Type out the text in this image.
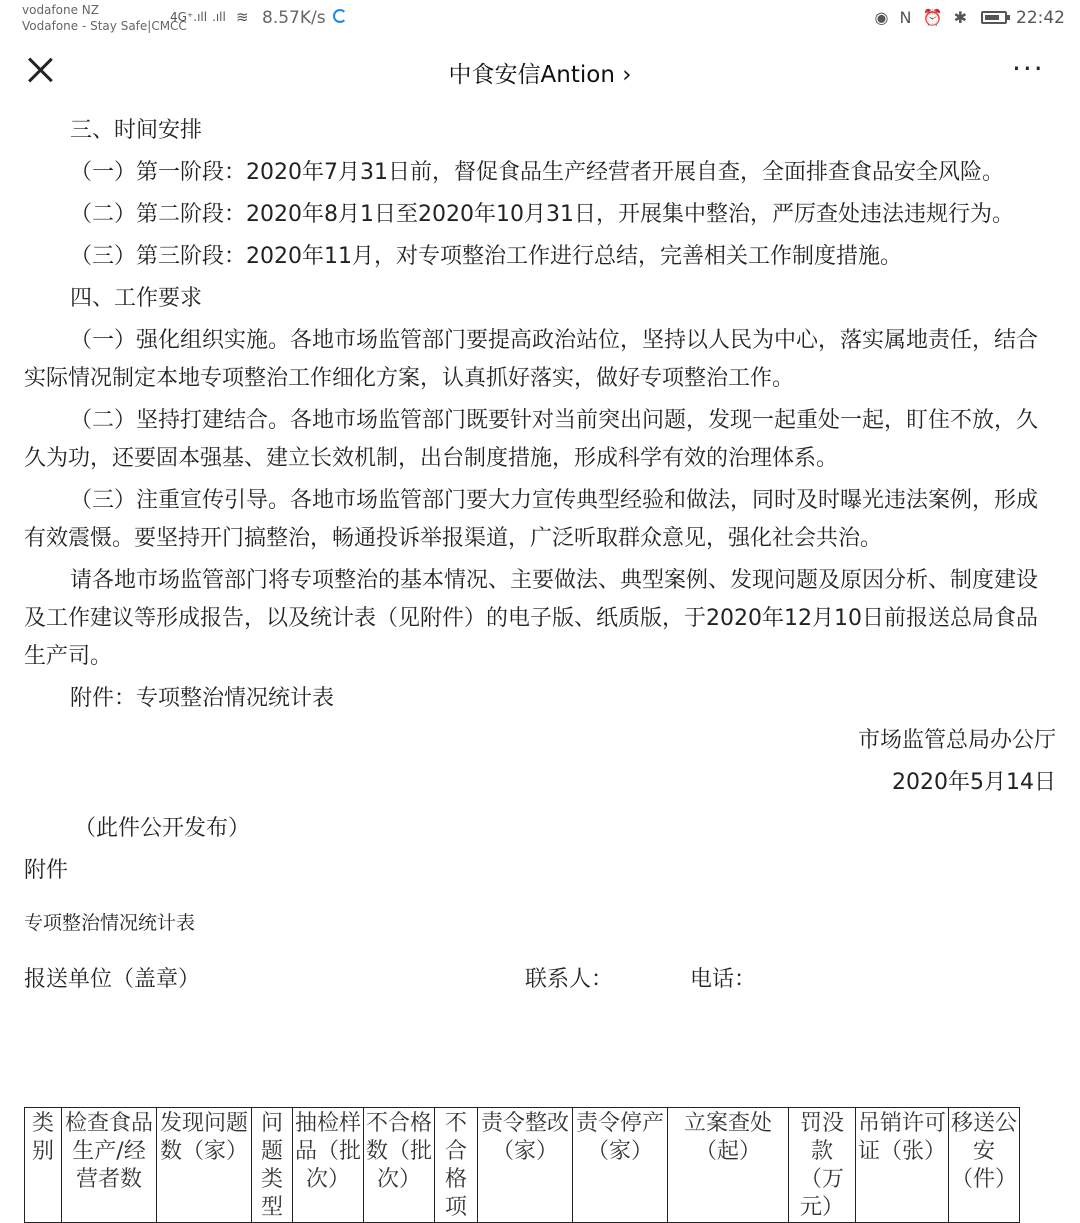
vodafone NZ
Vodafone - Stay Safe|CMCC
4G⁺.ıll .ıll ≋ 8.57K/s	◉ N ⏰ ✱	22:42
中食安信Antion ›	···

三、时间安排

（一）第一阶段：2020年7月31日前，督促食品生产经营者开展自查，全面排查食品安全风险。

（二）第二阶段：2020年8月1日至2020年10月31日，开展集中整治，严厉查处违法违规行为。

（三）第三阶段：2020年11月，对专项整治工作进行总结，完善相关工作制度措施。

四、工作要求

（一）强化组织实施。各地市场监管部门要提高政治站位，坚持以人民为中心，落实属地责任，结合实际情况制定本地专项整治工作细化方案，认真抓好落实，做好专项整治工作。

（二）坚持打建结合。各地市场监管部门既要针对当前突出问题，发现一起重处一起，盯住不放，久久为功，还要固本强基、建立长效机制，出台制度措施，形成科学有效的治理体系。

（三）注重宣传引导。各地市场监管部门要大力宣传典型经验和做法，同时及时曝光违法案例，形成有效震慑。要坚持开门搞整治，畅通投诉举报渠道，广泛听取群众意见，强化社会共治。

请各地市场监管部门将专项整治的基本情况、主要做法、典型案例、发现问题及原因分析、制度建设及工作建议等形成报告，以及统计表（见附件）的电子版、纸质版，于2020年12月10日前报送总局食品生产司。

附件：专项整治情况统计表

市场监管总局办公厅

2020年5月14日

（此件公开发布）

附件

专项整治情况统计表

报送单位（盖章）	联系人：	电话：
类别	检查食品生产/经营者数	发现问题数（家）	问题类型	抽检样品（批次）	不合格数（批次）	不合格项	责令整改（家）	责令停产（家）	立案查处（起）	罚没款（万元）	吊销许可证（张）	移送公安（件）
